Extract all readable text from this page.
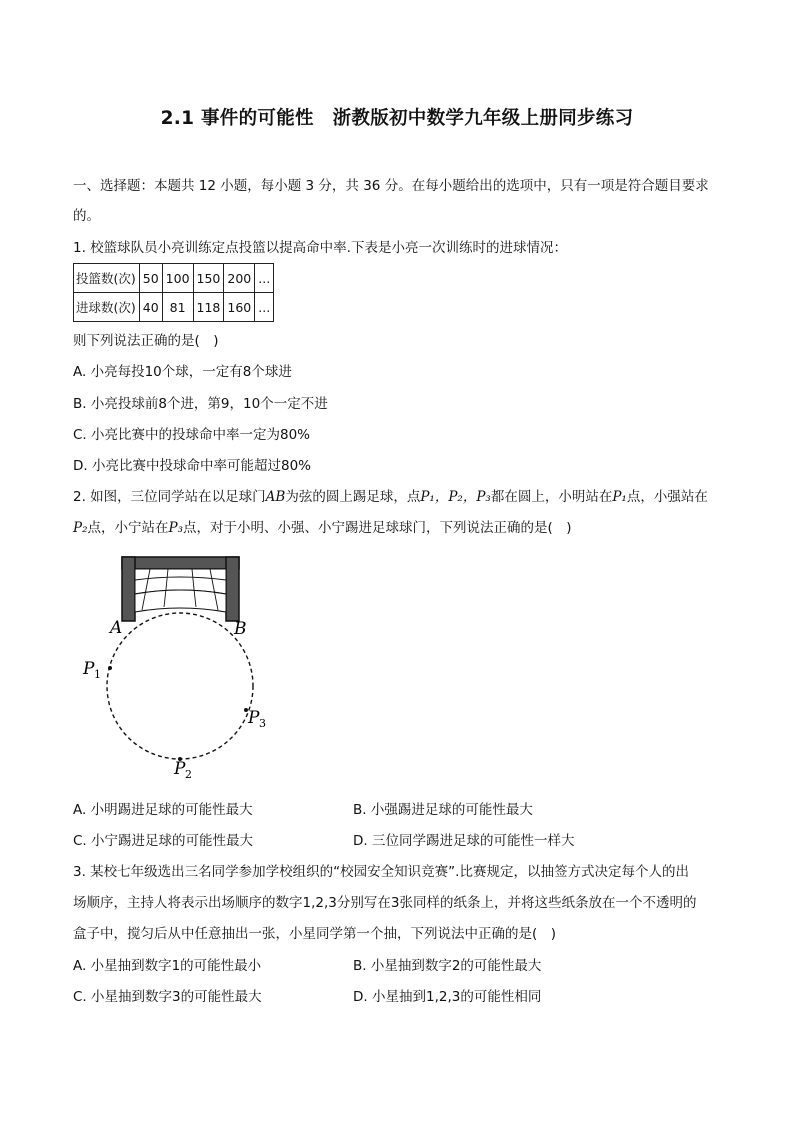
2.1 事件的可能性　浙教版初中数学九年级上册同步练习
一、选择题：本题共 12 小题，每小题 3 分，共 36 分。在每小题给出的选项中，只有一项是符合题目要求
的。
1. 校篮球队员小亮训练定点投篮以提高命中率.下表是小亮一次训练时的进球情况：
投篮数(次)	50	100	150	200	...
进球数(次)	40	81	118	160	...
则下列说法正确的是(　)
A. 小亮每投10个球，一定有8个球进
B. 小亮投球前8个进，第9，10个一定不进
C. 小亮比赛中的投球命中率一定为80%
D. 小亮比赛中投球命中率可能超过80%
2. 如图，三位同学站在以足球门AB为弦的圆上踢足球，点P₁，P₂，P₃都在圆上，小明站在P₁点，小强站在
P₂点，小宁站在P₃点，对于小明、小强、小宁踢进足球球门，下列说法正确的是(　)
A	B
P 1
P 3
P 2
A. 小明踢进足球的可能性最大	B. 小强踢进足球的可能性最大
C. 小宁踢进足球的可能性最大	D. 三位同学踢进足球的可能性一样大
3. 某校七年级选出三名同学参加学校组织的“校园安全知识竞赛”.比赛规定，以抽签方式决定每个人的出
场顺序，主持人将表示出场顺序的数字1,2,3分别写在3张同样的纸条上，并将这些纸条放在一个不透明的
盒子中，搅匀后从中任意抽出一张，小星同学第一个抽，下列说法中正确的是(　)
A. 小星抽到数字1的可能性最小	B. 小星抽到数字2的可能性最大
C. 小星抽到数字3的可能性最大	D. 小星抽到1,2,3的可能性相同
